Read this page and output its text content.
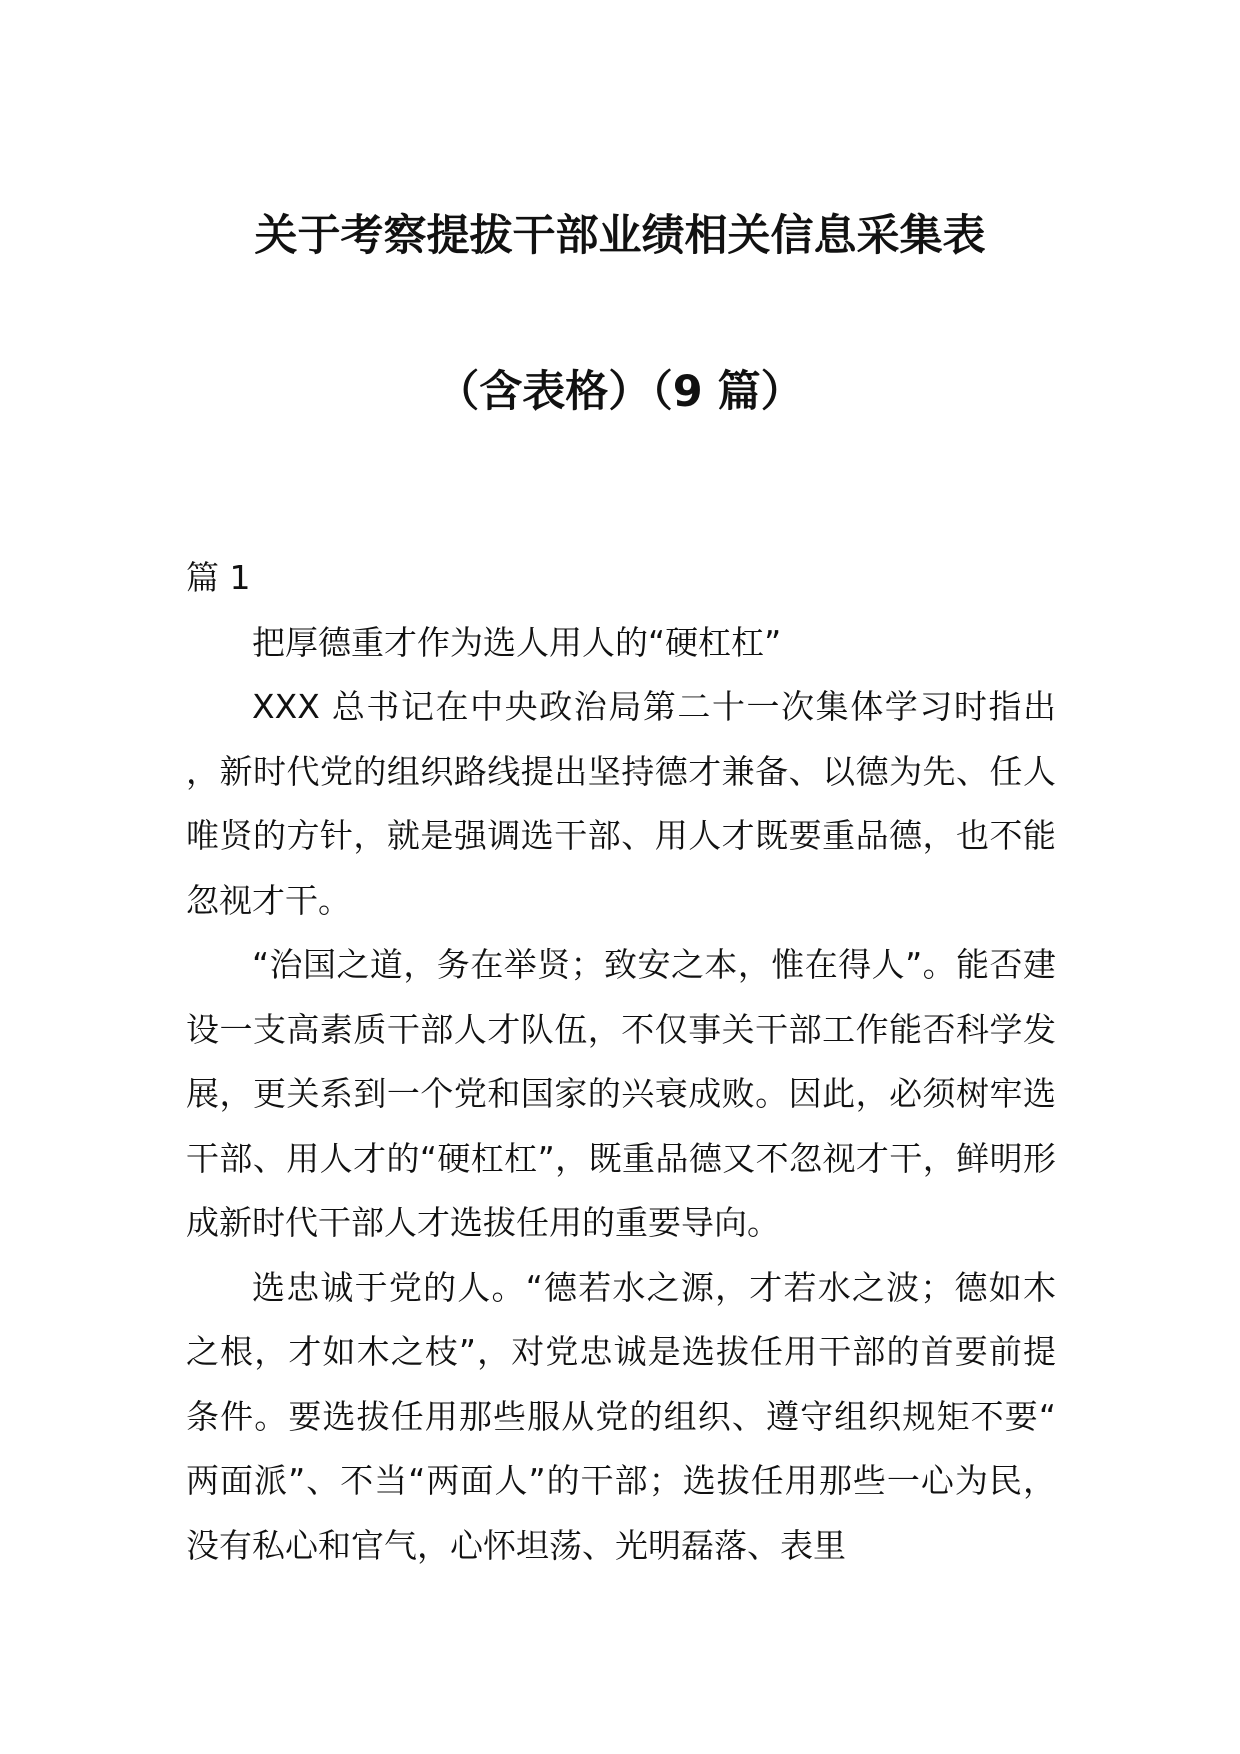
关于考察提拔干部业绩相关信息采集表
（含表格）（9 篇）

篇 1

把厚德重才作为选人用人的“硬杠杠”

XXX 总书记在中央政治局第二十一次集体学习时指出，新时代党的组织路线提出坚持德才兼备、以德为先、任人唯贤的方针，就是强调选干部、用人才既要重品德，也不能忽视才干。

“治国之道，务在举贤；致安之本，惟在得人”。能否建设一支高素质干部人才队伍，不仅事关干部工作能否科学发展，更关系到一个党和国家的兴衰成败。因此，必须树牢选干部、用人才的“硬杠杠”，既重品德又不忽视才干，鲜明形成新时代干部人才选拔任用的重要导向。

选忠诚于党的人。“德若水之源，才若水之波；德如木之根，才如木之枝”，对党忠诚是选拔任用干部的首要前提条件。要选拔任用那些服从党的组织、遵守组织规矩不要“两面派”、不当“两面人”的干部；选拔任用那些一心为民，没有私心和官气，心怀坦荡、光明磊落、表里
